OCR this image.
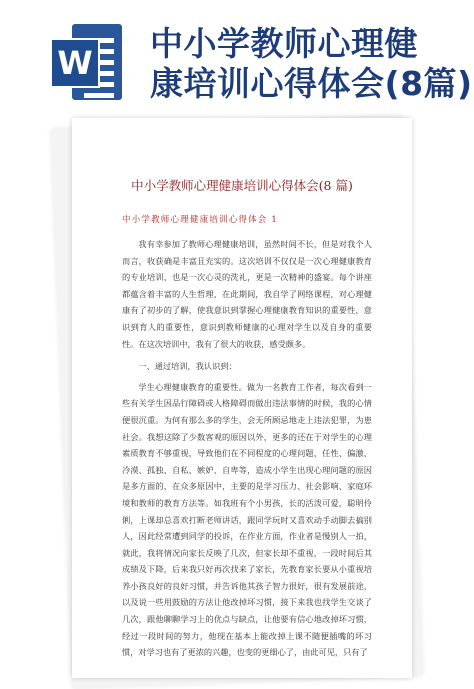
W 中小学教师心理健
康培训心得体会(8篇)
中小学教师心理健康培训心得体会(8 篇)
中小学教师心理健康培训心得体会 1

我有幸参加了教师心理健康培训，虽然时间不长，但是对我个人而言，收获确是丰富且充实的。这次培训不仅仅是一次心理健康教育的专业培训，也是一次心灵的洗礼，更是一次精神的盛宴。每个讲座都蕴含着丰富的人生哲理，在此期间，我自学了网络课程，对心理健康有了初步的了解，使我意识到掌握心理健康教育知识的重要性，意识到育人的重要性，意识到教师健康的心理对学生以及自身的重要性。在这次培训中，我有了很大的收获，感受颇多。

一、通过培训，我认识到：

学生心理健康教育的重要性。做为一名教育工作者，每次看到一些有关学生因品行障碍或人格障碍而做出违法事情的时候，我的心情便很沉重。为何有那么多的学生，会无所顾忌地走上违法犯罪，为患社会。我想这除了少数客观的原因以外，更多的还在于对学生的心理素质教育不够重视，导致他们在不同程度的心理问题，任性、偏激、冷漠、孤独、自私、嫉妒、自卑等，造成小学生出现心理问题的原因是多方面的，在众多原因中，主要的是学习压力、社会影响、家庭环境和教师的教育方法等。如我班有个小男孩，长的活泼可爱，聪明伶俐，上课却总喜欢打断老师讲话，跟同学玩时又喜欢动手动脚去搞别人，因此经常遭到同学的投诉，在作业方面，作业者是慢别人一拍，就此，我将情况向家长反映了几次，但家长却不重视，一段时间后其成绩及下降，后来我只好再次找来了家长，先教育家长要从小重视培养小孩良好的良好习惯，并告诉他其孩子智力很好，很有发展前途，以及说一些用鼓励的方法让他改掉坏习惯，接下来我也找学生交谈了几次，跟他聊聊学习上的优点与缺点，让他要有信心地改掉坏习惯，经过一段时间的努力，他现在基本上能改掉上课不随便插嘴的坏习惯，对学习也有了更浓的兴趣，也变的更细心了，由此可见，只有了
